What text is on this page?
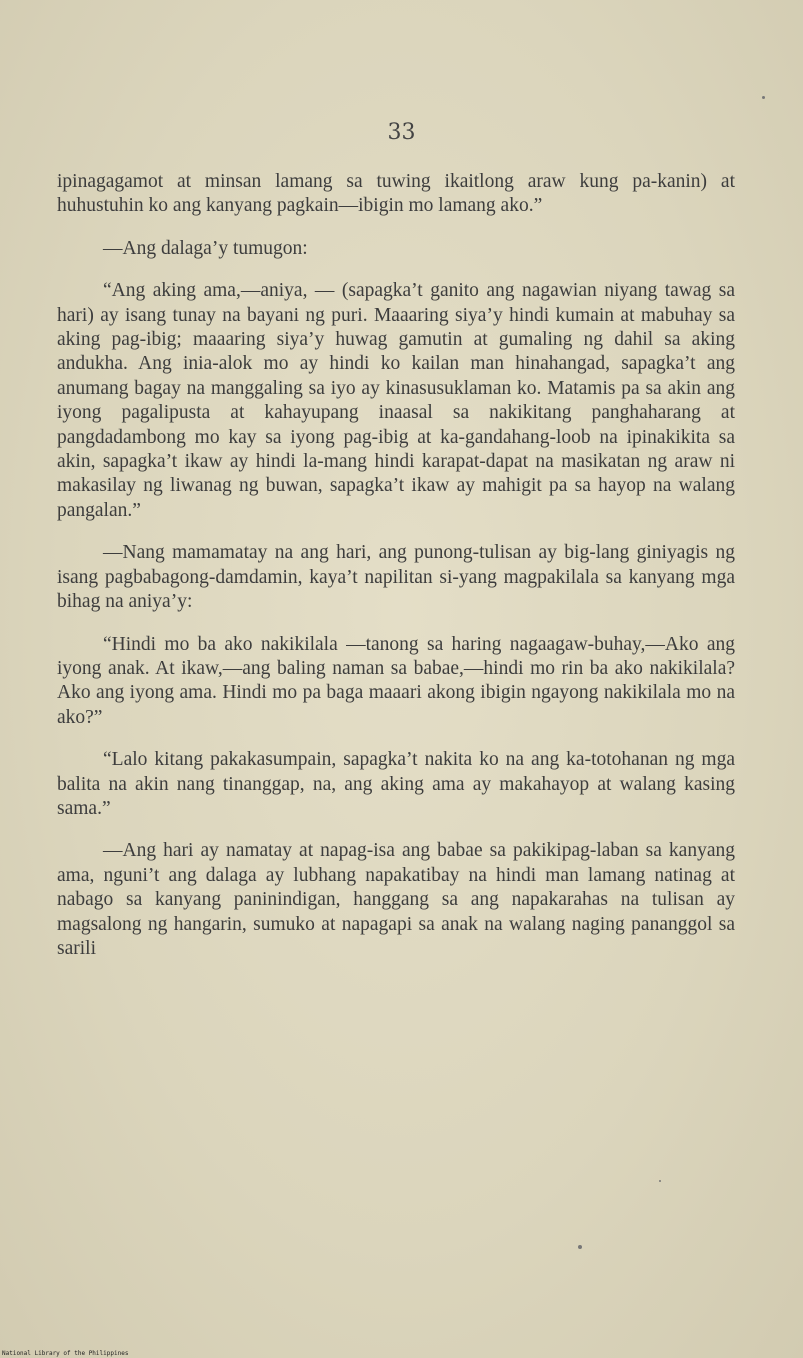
33

ipinagagamot at minsan lamang sa tuwing ikaitlong araw kung pa-kanin) at huhustuhin ko ang kanyang pagkain—ibigin mo lamang ako.”

—Ang dalaga’y tumugon:

“Ang aking ama,—aniya, — (sapagka’t ganito ang nagawian niyang tawag sa hari) ay isang tunay na bayani ng puri. Maaaring siya’y hindi kumain at mabuhay sa aking pag-ibig; maaaring siya’y huwag gamutin at gumaling ng dahil sa aking andukha. Ang inia-alok mo ay hindi ko kailan man hinahangad, sapagka’t ang anumang bagay na manggaling sa iyo ay kinasusuklaman ko. Matamis pa sa akin ang iyong pagalipusta at kahayupang inaasal sa nakikitang panghaharang at pangdadambong mo kay sa iyong pag-ibig at ka-gandahang-loob na ipinakikita sa akin, sapagka’t ikaw ay hindi la-mang hindi karapat-dapat na masikatan ng araw ni makasilay ng liwanag ng buwan, sapagka’t ikaw ay mahigit pa sa hayop na walang pangalan.”

—Nang mamamatay na ang hari, ang punong-tulisan ay big-lang giniyagis ng isang pagbabagong-damdamin, kaya’t napilitan si-yang magpakilala sa kanyang mga bihag na aniya’y:

“Hindi mo ba ako nakikilala —tanong sa haring nagaagaw-buhay,—Ako ang iyong anak. At ikaw,—ang baling naman sa babae,—hindi mo rin ba ako nakikilala? Ako ang iyong ama. Hindi mo pa baga maaari akong ibigin ngayong nakikilala mo na ako?”

“Lalo kitang pakakasumpain, sapagka’t nakita ko na ang ka-totohanan ng mga balita na akin nang tinanggap, na, ang aking ama ay makahayop at walang kasing sama.”

—Ang hari ay namatay at napag-isa ang babae sa pakikipag-laban sa kanyang ama, nguni’t ang dalaga ay lubhang napakatibay na hindi man lamang natinag at nabago sa kanyang paninindigan, hanggang sa ang napakarahas na tulisan ay magsalong ng hangarin, sumuko at napagapi sa anak na walang naging pananggol sa sarili

National Library of the Philippines
